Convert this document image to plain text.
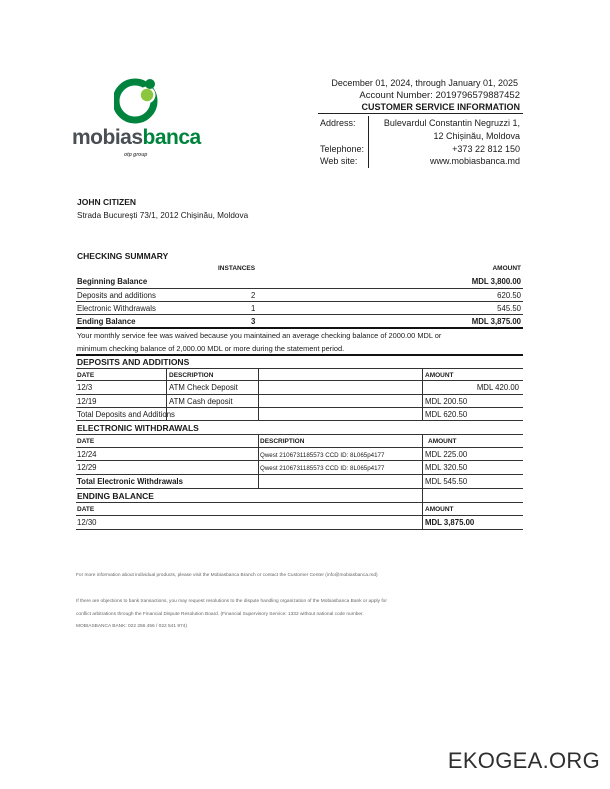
mobiasbanca
otp group
December 01, 2024, through January 01, 2025
Account Number: 2019796579887452
CUSTOMER SERVICE INFORMATION
Address:	Bulevardul Constantin Negruzzi 1,
12 Chișinău, Moldova
Telephone:	+373 22 812 150
Web site:	www.mobiasbanca.md
JOHN CITIZEN
Strada București 73/1, 2012 Chișinău, Moldova
CHECKING SUMMARY
INSTANCES	AMOUNT
Beginning Balance	MDL 3,800.00
Deposits and additions	2	620.50
Electronic Withdrawals	1	545.50
Ending Balance	3	MDL 3,875.00
Your monthly service fee was waived because you maintained an average checking balance of 2000.00 MDL or
minimum checking balance of 2,000.00 MDL or more during the statement period.
DEPOSITS AND ADDITIONS
DATE	DESCRIPTION	AMOUNT
12/3	ATM Check Deposit	MDL 420.00
12/19	ATM Cash deposit	MDL 200.50
Total Deposits and Additions	MDL 620.50
ELECTRONIC WITHDRAWALS
DATE	DESCRIPTION	AMOUNT
12/24	Qwest 2106731185573 CCD ID: 8L065p4177	MDL 225.00
12/29	Qwest 2106731185573 CCD ID: 8L065p4177	MDL 320.50
Total Electronic Withdrawals	MDL 545.50
ENDING BALANCE
DATE	AMOUNT
12/30	MDL 3,875.00
For more information about individual products, please visit the Mobiasbanca Branch or contact the Customer Center (info@mobiasbanca.md)
If there are objections to bank transactions, you may request resolutions to the dispute handling organization of the Mobiasbanca Bank or apply for
conflict arbitrations through the Financial Dispute Resolution Board. (Financial Supervisory Service: 1332 without national code number.
MOBIASBANCA BANK: 022 256 456 / 022 541 974)
EKOGEA.ORG
